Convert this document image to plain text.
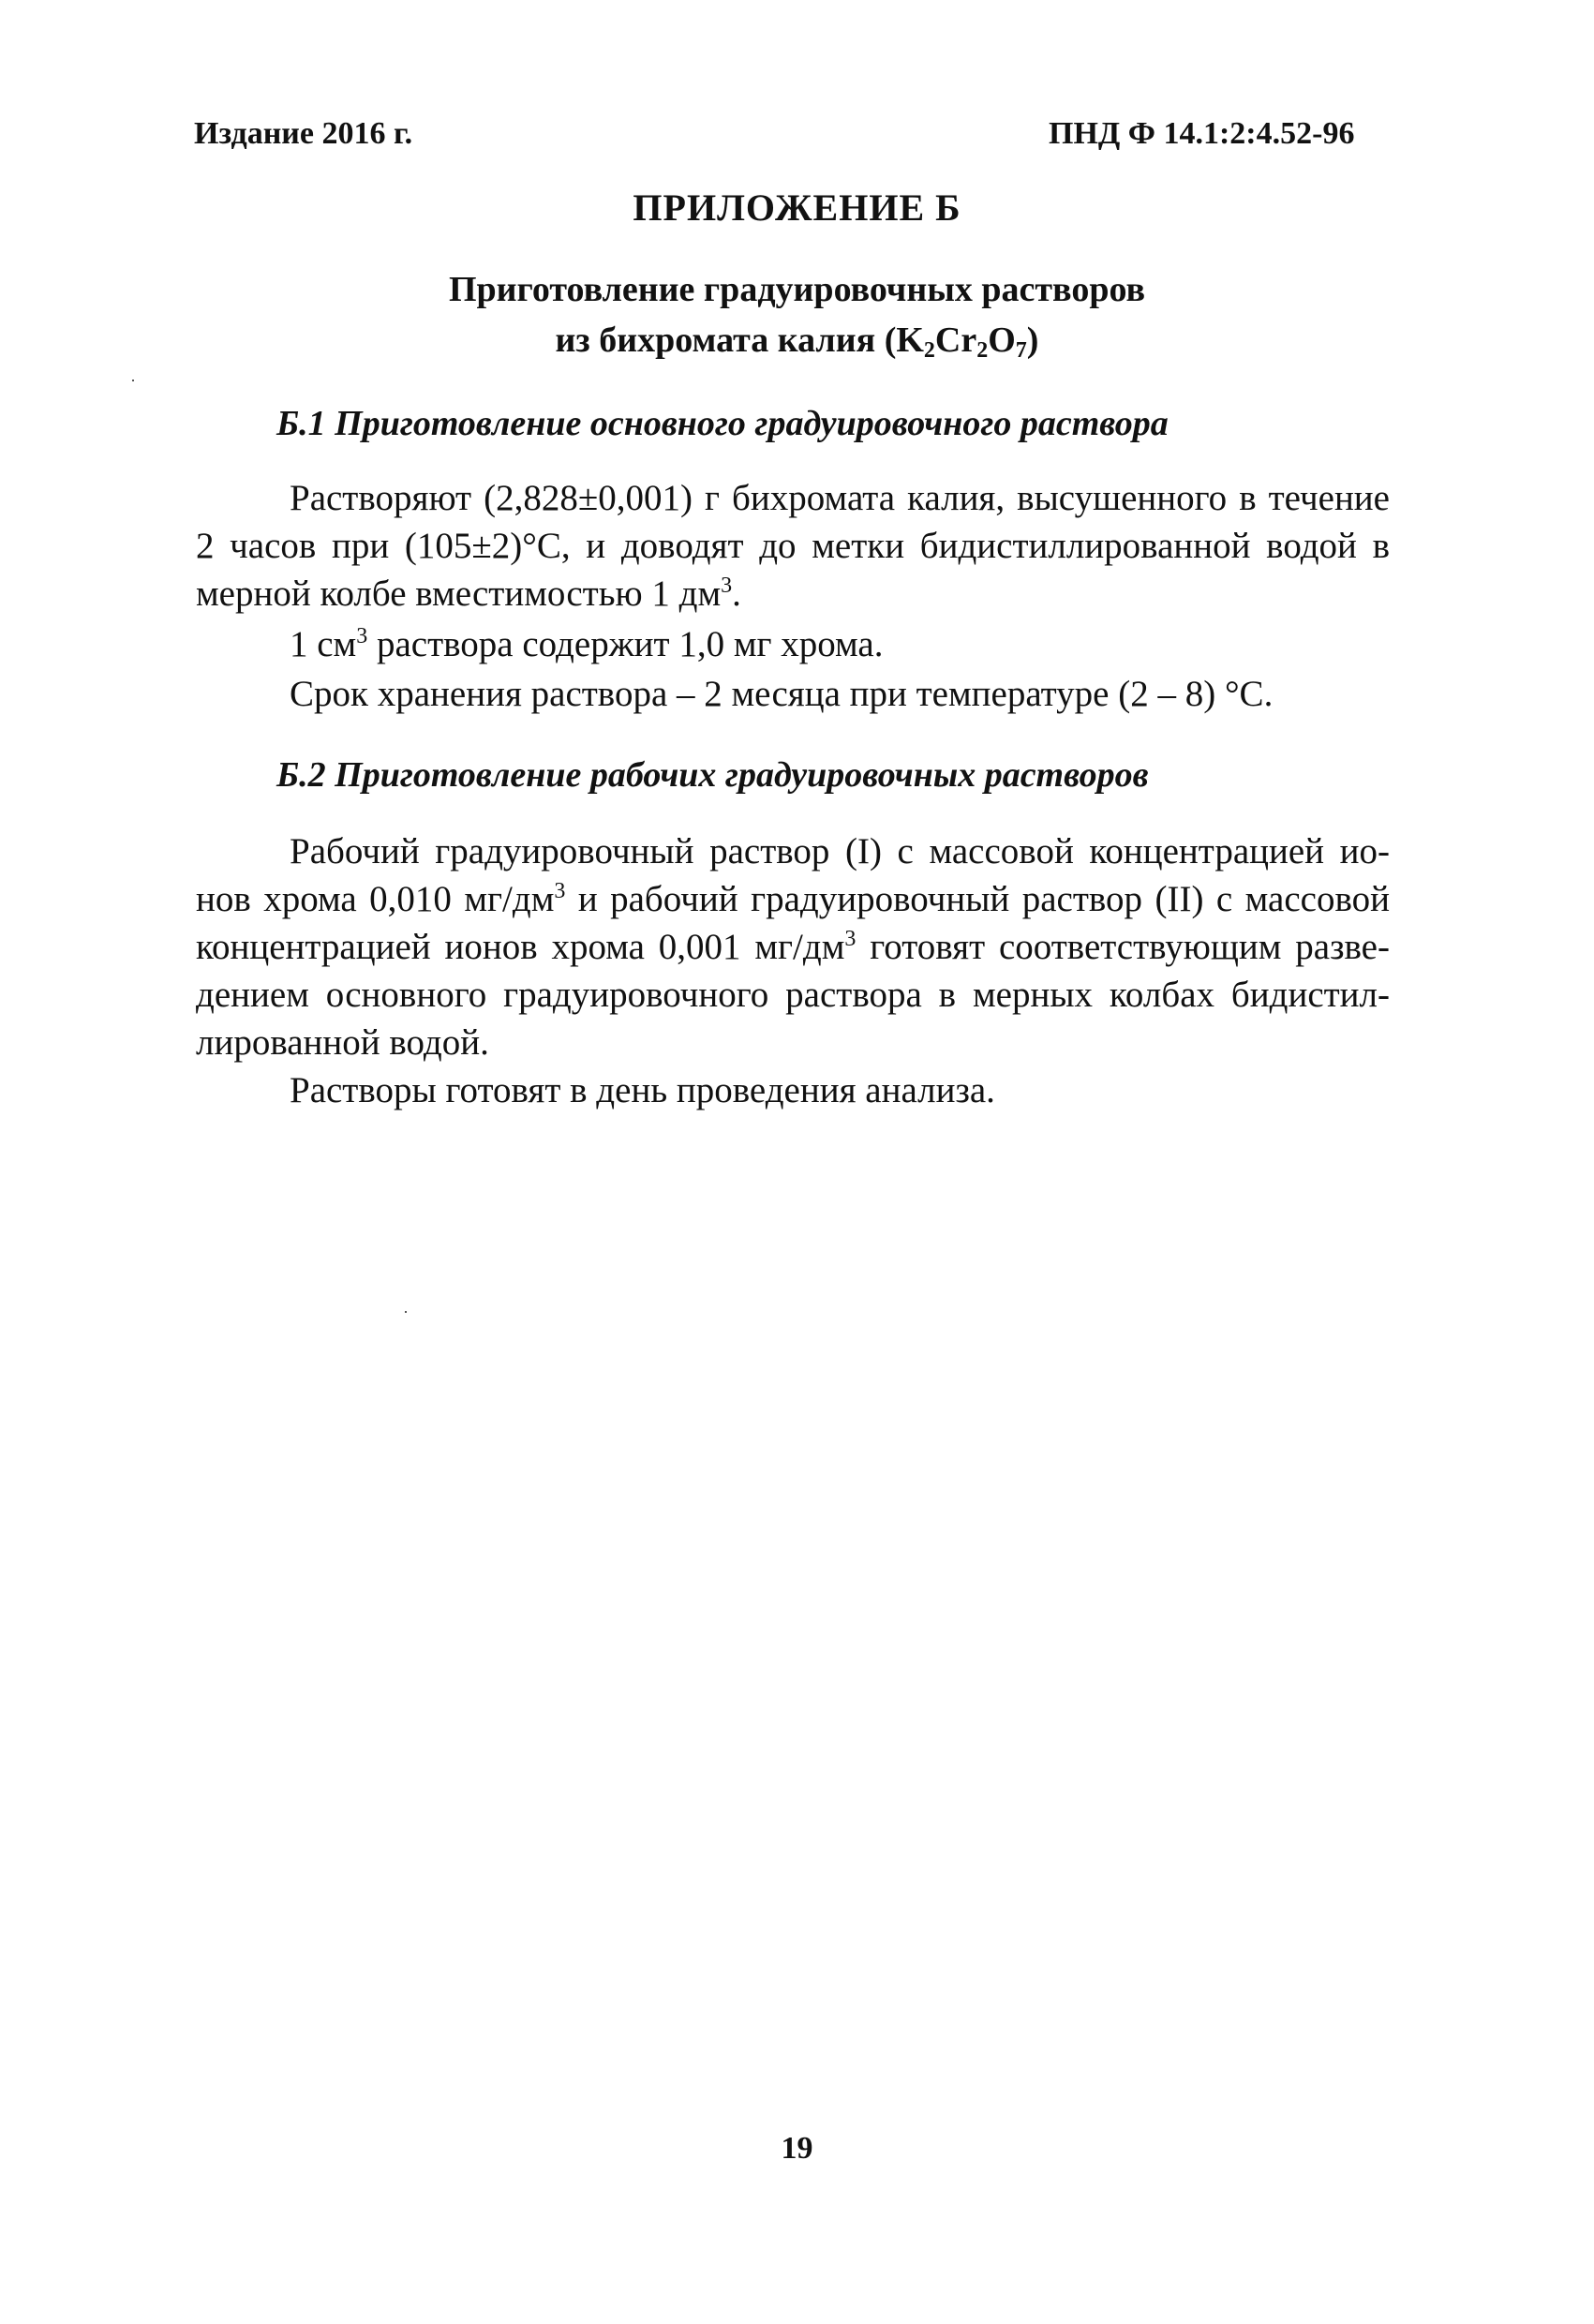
Издание 2016 г.	ПНД Ф 14.1:2:4.52-96
ПРИЛОЖЕНИЕ Б
Приготовление градуировочных растворов
из бихромата калия $(K_2Cr_2O_7)$
Б.1 Приготовление основного градуировочного раствора
Растворяют (2,828±0,001) г бихромата калия, высушенного в течение
2 часов при (105±2)°С, и доводят до метки бидистиллированной водой в
мерной колбе вместимостью 1 $дм^3$.
1 $см^3$ раствора содержит 1,0 мг хрома.
Срок хранения раствора – 2 месяца при температуре (2 – 8) °С.
Б.2 Приготовление рабочих градуировочных растворов
Рабочий градуировочный раствор (I) с массовой концентрацией ио-
нов хрома 0,010 $мг/дм^3$ и рабочий градуировочный раствор (II) с массовой
концентрацией ионов хрома 0,001 $мг/дм^3$ готовят соответствующим разве-
дением основного градуировочного раствора в мерных колбах бидистил-
лированной водой.
Растворы готовят в день проведения анализа.
19
